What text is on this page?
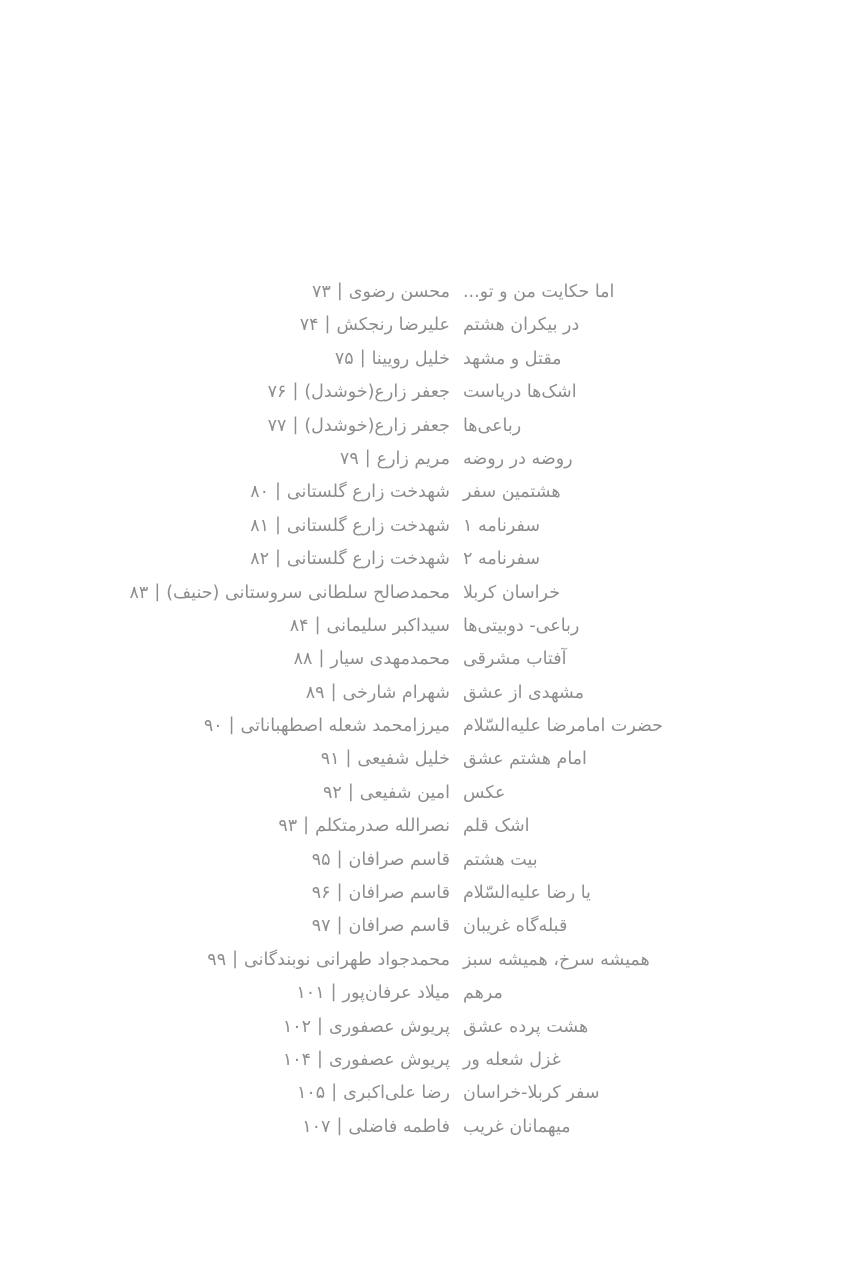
اما حکایت من و تو...
محسن رضوی|۷۳
در بیکران هشتم
علیرضا رنجکش|۷۴
مقتل و مشهد
خلیل رویینا|۷۵
اشک‌ها دریاست
جعفر زارع(خوشدل)|۷۶
رباعی‌ها
جعفر زارع(خوشدل)|۷۷
روضه در روضه
مریم زارع|۷۹
هشتمین سفر
شهدخت زارع گلستانی|۸۰
سفرنامه ۱
شهدخت زارع گلستانی|۸۱
سفرنامه ۲
شهدخت زارع گلستانی|۸۲
خراسان کربلا
محمدصالح سلطانی سروستانی (حنیف)|۸۳
رباعی- دوبیتی‌ها
سیداکبر سلیمانی|۸۴
آفتاب مشرقی
محمدمهدی سیار|۸۸
مشهدی از عشق
شهرام شارخی|۸۹
حضرت امامرضا علیه‌السّلام
میرزامحمد شعله اصطهباناتی|۹۰
امام هشتم عشق
خلیل شفیعی|۹۱
عکس
امین شفیعی|۹۲
اشک قلم
نصرالله صدرمتکلم|۹۳
بیت هشتم
قاسم صرافان|۹۵
یا رضا علیه‌السّلام
قاسم صرافان|۹۶
قبله‌گاه غریبان
قاسم صرافان|۹۷
همیشه سرخ، همیشه سبز
محمدجواد طهرانی نوبندگانی|۹۹
مرهم
میلاد عرفان‌پور|۱۰۱
هشت پرده عشق
پریوش عصفوری|۱۰۲
غزل شعله ور
پریوش عصفوری|۱۰۴
سفر کربلا-خراسان
رضا علی‌اکبری|۱۰۵
میهمانان غریب
فاطمه فاضلی|۱۰۷
